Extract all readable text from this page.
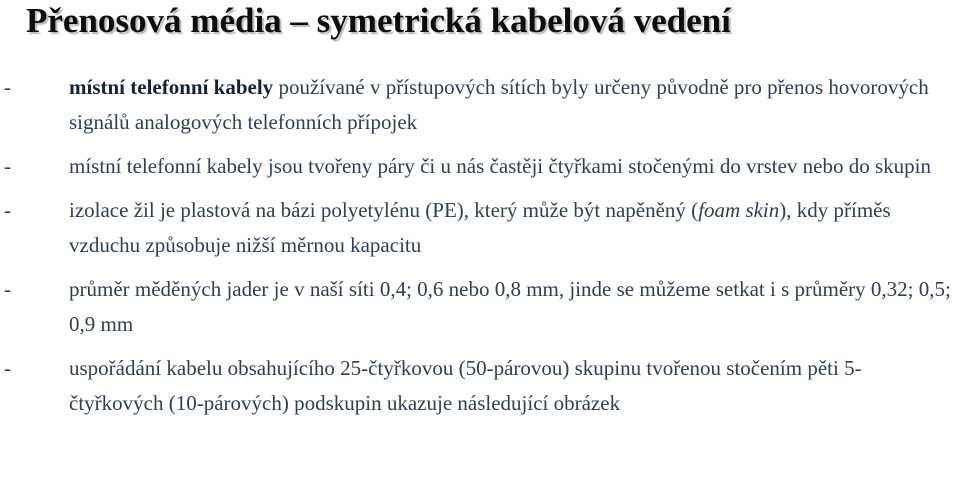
Přenosová média – symetrická kabelová vedení
-	místní telefonní kabely používané v přístupových sítích byly určeny původně pro přenos hovorových signálů analogových telefonních přípojek
-	místní telefonní kabely jsou tvořeny páry či u nás častěji čtyřkami stočenými do vrstev nebo do skupin
-	izolace žil je plastová na bázi polyetylénu (PE), který může být napěněný (foam skin), kdy příměs vzduchu způsobuje nižší měrnou kapacitu
-	průměr měděných jader je v naší síti 0,4; 0,6 nebo 0,8 mm, jinde se můžeme setkat i s průměry 0,32; 0,5; 0,9 mm
-	uspořádání kabelu obsahujícího 25-čtyřkovou (50-párovou) skupinu tvořenou stočením pěti 5-čtyřkových (10-párových) podskupin ukazuje následující obrázek
